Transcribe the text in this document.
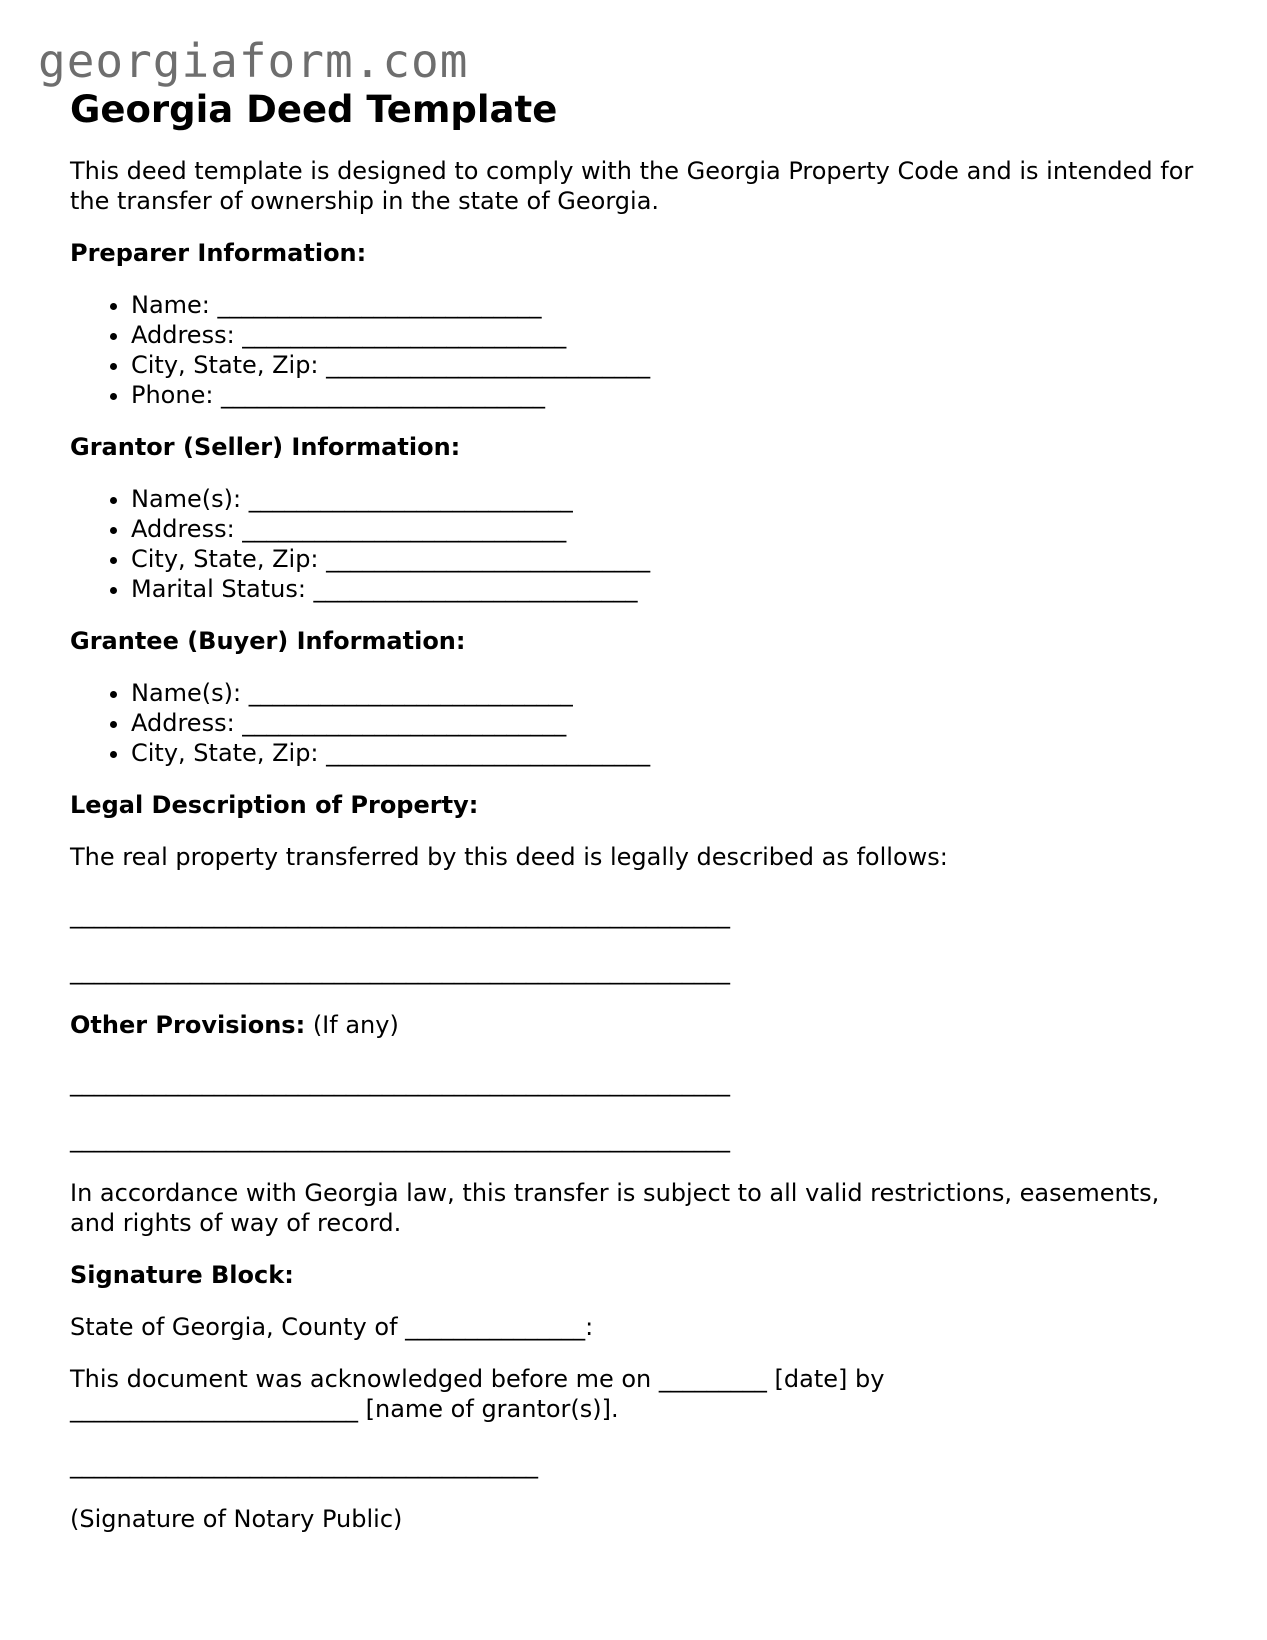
georgiaform.com
Georgia Deed Template

This deed template is designed to comply with the Georgia Property Code and is intended for the transfer of ownership in the state of Georgia.

Preparer Information:

• Name: ___________________________
• Address: ___________________________
• City, State, Zip: ___________________________
• Phone: ___________________________

Grantor (Seller) Information:

• Name(s): ___________________________
• Address: ___________________________
• City, State, Zip: ___________________________
• Marital Status: ___________________________

Grantee (Buyer) Information:

• Name(s): ___________________________
• Address: ___________________________
• City, State, Zip: ___________________________

Legal Description of Property:

The real property transferred by this deed is legally described as follows:

_______________________________________________________

_______________________________________________________

Other Provisions: (If any)

_______________________________________________________

_______________________________________________________

In accordance with Georgia law, this transfer is subject to all valid restrictions, easements, and rights of way of record.

Signature Block:

State of Georgia, County of _______________:

This document was acknowledged before me on _________ [date] by

________________________ [name of grantor(s)].

_______________________________________

(Signature of Notary Public)
